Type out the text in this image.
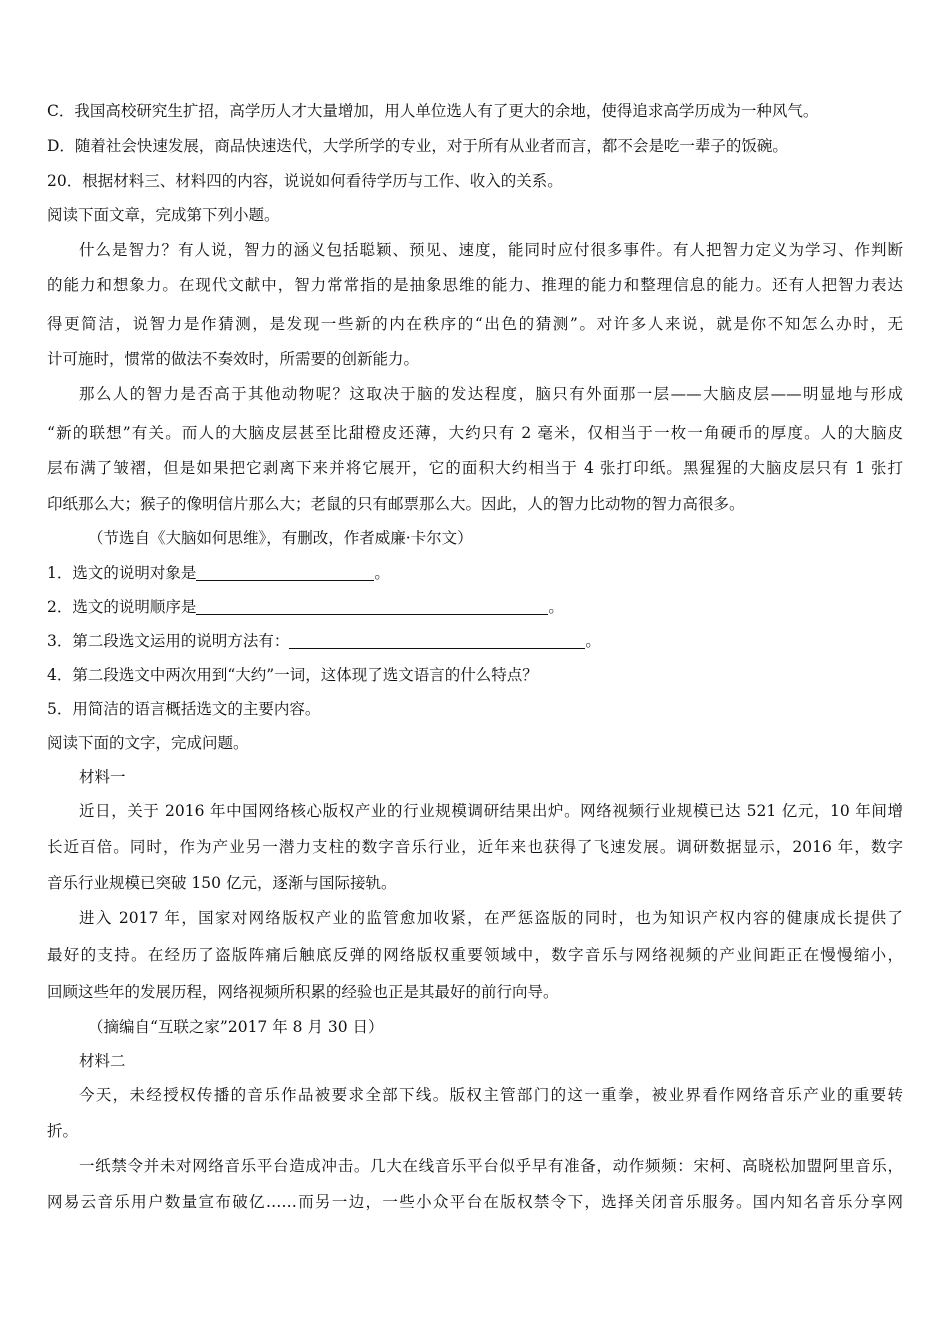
C．我国高校研究生扩招，高学历人才大量增加，用人单位选人有了更大的余地，使得追求高学历成为一种风气。
D．随着社会快速发展，商品快速迭代，大学所学的专业，对于所有从业者而言，都不会是吃一辈子的饭碗。
20．根据材料三、材料四的内容，说说如何看待学历与工作、收入的关系。
阅读下面文章，完成第下列小题。
什么是智力？有人说，智力的涵义包括聪颖、预见、速度，能同时应付很多事件。有人把智力定义为学习、作判断
的能力和想象力。在现代文献中，智力常常指的是抽象思维的能力、推理的能力和整理信息的能力。还有人把智力表达
得更简洁，说智力是作猜测，是发现一些新的内在秩序的“出色的猜测”。对许多人来说，就是你不知怎么办时，无
计可施时，惯常的做法不奏效时，所需要的创新能力。
那么人的智力是否高于其他动物呢？这取决于脑的发达程度，脑只有外面那一层——大脑皮层——明显地与形成
“新的联想”有关。而人的大脑皮层甚至比甜橙皮还薄，大约只有 2 毫米，仅相当于一枚一角硬币的厚度。人的大脑皮
层布满了皱褶，但是如果把它剥离下来并将它展开，它的面积大约相当于 4 张打印纸。黑猩猩的大脑皮层只有 1 张打
印纸那么大；猴子的像明信片那么大；老鼠的只有邮票那么大。因此，人的智力比动物的智力高很多。
（节选自《大脑如何思维》，有删改，作者威廉·卡尔文）
1．选文的说明对象是	。
2．选文的说明顺序是	。
3．第二段选文运用的说明方法有：	。
4．第二段选文中两次用到“大约”一词，这体现了选文语言的什么特点？
5．用简洁的语言概括选文的主要内容。
阅读下面的文字，完成问题。
材料一
近日，关于 2016 年中国网络核心版权产业的行业规模调研结果出炉。网络视频行业规模已达 521 亿元，10 年间增
长近百倍。同时，作为产业另一潜力支柱的数字音乐行业，近年来也获得了飞速发展。调研数据显示，2016 年，数字
音乐行业规模已突破 150 亿元，逐渐与国际接轨。
进入 2017 年，国家对网络版权产业的监管愈加收紧，在严惩盗版的同时，也为知识产权内容的健康成长提供了
最好的支持。在经历了盗版阵痛后触底反弹的网络版权重要领域中，数字音乐与网络视频的产业间距正在慢慢缩小，
回顾这些年的发展历程，网络视频所积累的经验也正是其最好的前行向导。
（摘编自“互联之家”2017 年 8 月 30 日）
材料二
今天，未经授权传播的音乐作品被要求全部下线。版权主管部门的这一重拳，被业界看作网络音乐产业的重要转
折。
一纸禁令并未对网络音乐平台造成冲击。几大在线音乐平台似乎早有准备，动作频频：宋柯、高晓松加盟阿里音乐，
网易云音乐用户数量宣布破亿……而另一边，一些小众平台在版权禁令下，选择关闭音乐服务。国内知名音乐分享网
